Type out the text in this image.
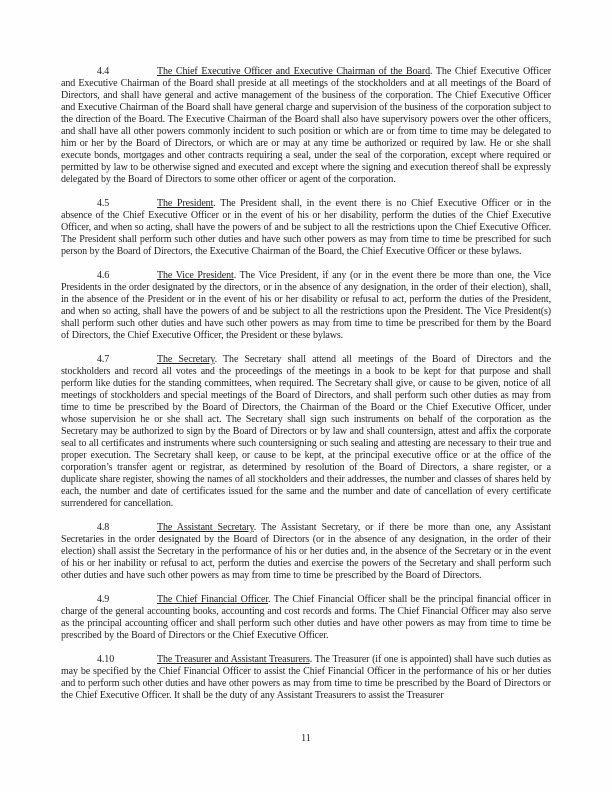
4.4	The Chief Executive Officer and Executive Chairman of the Board. The Chief Executive Officer and Executive Chairman of the Board shall preside at all meetings of the stockholders and at all meetings of the Board of Directors, and shall have general and active management of the business of the corporation. The Chief Executive Officer and Executive Chairman of the Board shall have general charge and supervision of the business of the corporation subject to the direction of the Board. The Executive Chairman of the Board shall also have supervisory powers over the other officers, and shall have all other powers commonly incident to such position or which are or from time to time may be delegated to him or her by the Board of Directors, or which are or may at any time be authorized or required by law. He or she shall execute bonds, mortgages and other contracts requiring a seal, under the seal of the corporation, except where required or permitted by law to be otherwise signed and executed and except where the signing and execution thereof shall be expressly delegated by the Board of Directors to some other officer or agent of the corporation.

4.5	The President. The President shall, in the event there is no Chief Executive Officer or in the absence of the Chief Executive Officer or in the event of his or her disability, perform the duties of the Chief Executive Officer, and when so acting, shall have the powers of and be subject to all the restrictions upon the Chief Executive Officer. The President shall perform such other duties and have such other powers as may from time to time be prescribed for such person by the Board of Directors, the Executive Chairman of the Board, the Chief Executive Officer or these bylaws.

4.6	The Vice President. The Vice President, if any (or in the event there be more than one, the Vice Presidents in the order designated by the directors, or in the absence of any designation, in the order of their election), shall, in the absence of the President or in the event of his or her disability or refusal to act, perform the duties of the President, and when so acting, shall have the powers of and be subject to all the restrictions upon the President. The Vice President(s) shall perform such other duties and have such other powers as may from time to time be prescribed for them by the Board of Directors, the Chief Executive Officer, the President or these bylaws.

4.7	The Secretary. The Secretary shall attend all meetings of the Board of Directors and the stockholders and record all votes and the proceedings of the meetings in a book to be kept for that purpose and shall perform like duties for the standing committees, when required. The Secretary shall give, or cause to be given, notice of all meetings of stockholders and special meetings of the Board of Directors, and shall perform such other duties as may from time to time be prescribed by the Board of Directors, the Chairman of the Board or the Chief Executive Officer, under whose supervision he or she shall act. The Secretary shall sign such instruments on behalf of the corporation as the Secretary may be authorized to sign by the Board of Directors or by law and shall countersign, attest and affix the corporate seal to all certificates and instruments where such countersigning or such sealing and attesting are necessary to their true and proper execution. The Secretary shall keep, or cause to be kept, at the principal executive office or at the office of the corporation’s transfer agent or registrar, as determined by resolution of the Board of Directors, a share register, or a duplicate share register, showing the names of all stockholders and their addresses, the number and classes of shares held by each, the number and date of certificates issued for the same and the number and date of cancellation of every certificate surrendered for cancellation.

4.8	The Assistant Secretary. The Assistant Secretary, or if there be more than one, any Assistant Secretaries in the order designated by the Board of Directors (or in the absence of any designation, in the order of their election) shall assist the Secretary in the performance of his or her duties and, in the absence of the Secretary or in the event of his or her inability or refusal to act, perform the duties and exercise the powers of the Secretary and shall perform such other duties and have such other powers as may from time to time be prescribed by the Board of Directors.

4.9	The Chief Financial Officer. The Chief Financial Officer shall be the principal financial officer in charge of the general accounting books, accounting and cost records and forms. The Chief Financial Officer may also serve as the principal accounting officer and shall perform such other duties and have other powers as may from time to time be prescribed by the Board of Directors or the Chief Executive Officer.

4.10	The Treasurer and Assistant Treasurers. The Treasurer (if one is appointed) shall have such duties as may be specified by the Chief Financial Officer to assist the Chief Financial Officer in the performance of his or her duties and to perform such other duties and have other powers as may from time to time be prescribed by the Board of Directors or the Chief Executive Officer. It shall be the duty of any Assistant Treasurers to assist the Treasurer

11
